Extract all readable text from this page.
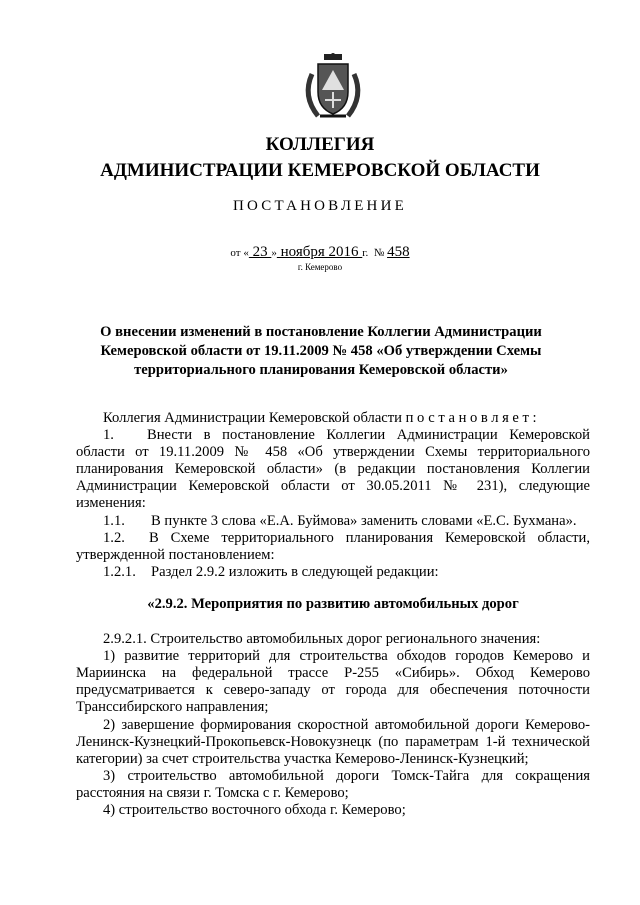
КОЛЛЕГИЯ
АДМИНИСТРАЦИИ КЕМЕРОВСКОЙ ОБЛАСТИ
ПОСТАНОВЛЕНИЕ
от « 23 » ноября 2016 г. № 458
г. Кемерово
О внесении изменений в постановление Коллегии Администрации Кемеровской области от 19.11.2009 № 458 «Об утверждении Схемы территориального планирования Кемеровской области»

Коллегия Администрации Кемеровской области постановляет:

1. Внести в постановление Коллегии Администрации Кемеровской области от 19.11.2009 № 458 «Об утверждении Схемы территориального планирования Кемеровской области» (в редакции постановления Коллегии Администрации Кемеровской области от 30.05.2011 № 231), следующие изменения:

1.1. В пункте 3 слова «Е.А. Буймова» заменить словами «Е.С. Бухмана».

1.2. В Схеме территориального планирования Кемеровской области, утвержденной постановлением:

1.2.1. Раздел 2.9.2 изложить в следующей редакции:

«2.9.2. Мероприятия по развитию автомобильных дорог

2.9.2.1. Строительство автомобильных дорог регионального значения:

1) развитие территорий для строительства обходов городов Кемерово и Мариинска на федеральной трассе Р-255 «Сибирь». Обход Кемерово предусматривается к северо-западу от города для обеспечения поточности Транссибирского направления;

2) завершение формирования скоростной автомобильной дороги Кемерово-Ленинск-Кузнецкий-Прокопьевск-Новокузнецк (по параметрам 1-й технической категории) за счет строительства участка Кемерово-Ленинск-Кузнецкий;

3) строительство автомобильной дороги Томск-Тайга для сокращения расстояния на связи г. Томска с г. Кемерово;

4) строительство восточного обхода г. Кемерово;
